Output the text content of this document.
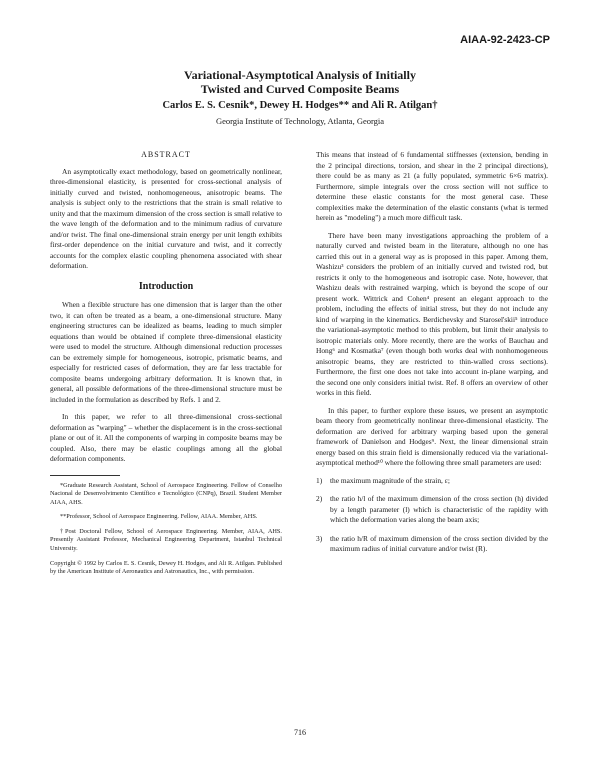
AIAA-92-2423-CP
Variational-Asymptotical Analysis of Initially
Twisted and Curved Composite Beams
Carlos E. S. Cesnik*, Dewey H. Hodges** and Ali R. Atilgan†
Georgia Institute of Technology, Atlanta, Georgia
ABSTRACT

An asymptotically exact methodology, based on geometrically nonlinear, three-dimensional elasticity, is presented for cross-sectional analysis of initially curved and twisted, nonhomogeneous, anisotropic beams. The analysis is subject only to the restrictions that the strain is small relative to unity and that the maximum dimension of the cross section is small relative to the wave length of the deformation and to the minimum radius of curvature and/or twist. The final one-dimensional strain energy per unit length exhibits first-order dependence on the initial curvature and twist, and it correctly accounts for the complex elastic coupling phenomena associated with shear deformation.

Introduction

When a flexible structure has one dimension that is larger than the other two, it can often be treated as a beam, a one-dimensional structure. Many engineering structures can be idealized as beams, leading to much simpler equations than would be obtained if complete three-dimensional elasticity were used to model the structure. Although dimensional reduction processes can be extremely simple for homogeneous, isotropic, prismatic beams, and especially for restricted cases of deformation, they are far less tractable for composite beams undergoing arbitrary deformation. It is known that, in general, all possible deformations of the three-dimensional structure must be included in the formulation as described by Refs. 1 and 2.

In this paper, we refer to all three-dimensional cross-sectional deformation as "warping" – whether the displacement is in the cross-sectional plane or out of it. All the components of warping in composite beams may be coupled. Also, there may be elastic couplings among all the global deformation components.

*Graduate Research Assistant, School of Aerospace Engineering. Fellow of Conselho Nacional de Desenvolvimento Científico e Tecnológico (CNPq), Brazil. Student Member AIAA, AHS.
**Professor, School of Aerospace Engineering. Fellow, AIAA. Member, AHS.
†Post Doctoral Fellow, School of Aerospace Engineering. Member, AIAA, AHS. Presently Assistant Professor, Mechanical Engineering Department, Istanbul Technical University.
Copyright © 1992 by Carlos E. S. Cesnik, Dewey H. Hodges, and Ali R. Atilgan. Published by the American Institute of Aeronautics and Astronautics, Inc., with permission.

This means that instead of 6 fundamental stiffnesses (extension, bending in the 2 principal directions, torsion, and shear in the 2 principal directions), there could be as many as 21 (a fully populated, symmetric 6×6 matrix). Furthermore, simple integrals over the cross section will not suffice to determine these elastic constants for the most general case. These complexities make the determination of the elastic constants (what is termed herein as "modeling") a much more difficult task.

There have been many investigations approaching the problem of a naturally curved and twisted beam in the literature, although no one has carried this out in a general way as is proposed in this paper. Among them, Washizu³ considers the problem of an initially curved and twisted rod, but restricts it only to the homogeneous and isotropic case. Note, however, that Washizu deals with restrained warping, which is beyond the scope of our present work. Wittrick and Cohen⁴ present an elegant approach to the problem, including the effects of initial stress, but they do not include any kind of warping in the kinematics. Berdichevsky and Starosel'skii⁵ introduce the variational-asymptotic method to this problem, but limit their analysis to isotropic materials only. More recently, there are the works of Bauchau and Hong⁶ and Kosmatka⁷ (even though both works deal with nonhomogeneous anisotropic beams, they are restricted to thin-walled cross sections). Furthermore, the first one does not take into account in-plane warping, and the second one only considers initial twist. Ref. 8 offers an overview of other works in this field.

In this paper, to further explore these issues, we present an asymptotic beam theory from geometrically nonlinear three-dimensional elasticity. The deformation are derived for arbitrary warping based upon the general framework of Danielson and Hodges⁹. Next, the linear dimensional strain energy based on this strain field is dimensionally reduced via the variational-asymptotical method¹⁰ where the following three small parameters are used:

1)	the maximum magnitude of the strain, ε;
2)	the ratio h/l of the maximum dimension of the cross section (h) divided by a length parameter (l) which is characteristic of the rapidity with which the deformation varies along the beam axis;
3)	the ratio h/R of maximum dimension of the cross section divided by the maximum radius of initial curvature and/or twist (R).
716
